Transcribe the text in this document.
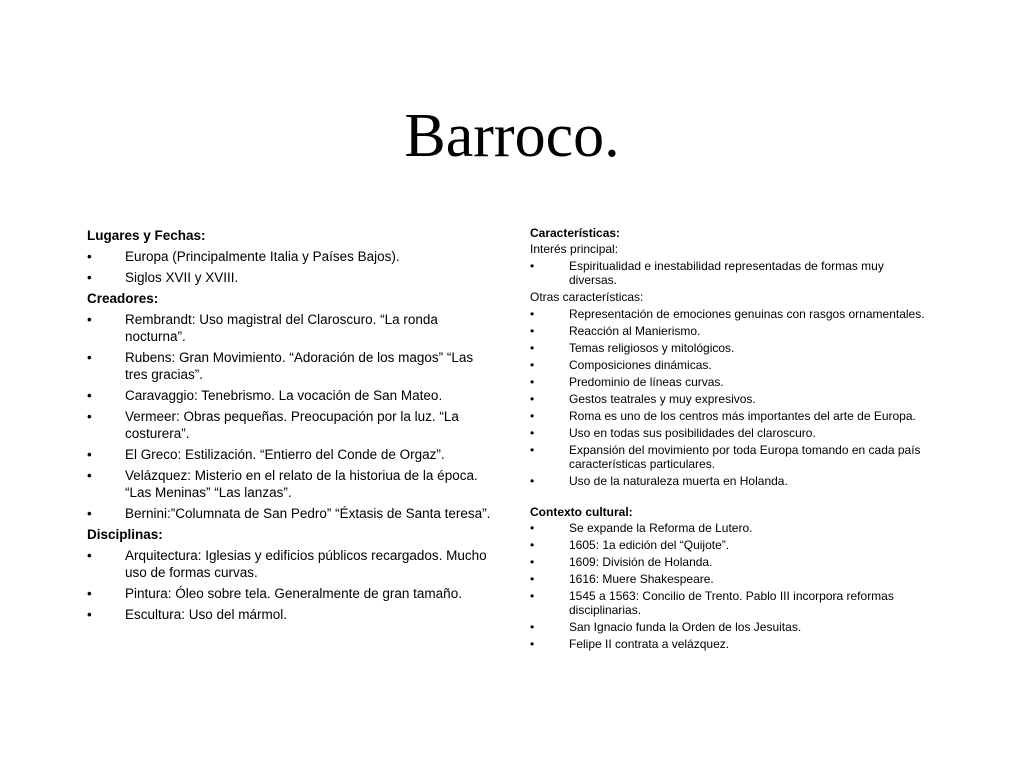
Barroco.

Lugares y Fechas:

• Europa (Principalmente Italia y Países Bajos).
• Siglos XVII y XVIII.

Creadores:

• Rembrandt: Uso magistral del Claroscuro. “La ronda nocturna”.
• Rubens: Gran Movimiento. “Adoración de los magos” “Las tres gracias”.
• Caravaggio: Tenebrismo. La vocación de San Mateo.
• Vermeer: Obras pequeñas. Preocupación por la luz. “La costurera”.
• El Greco: Estilización. “Entierro del Conde de Orgaz”.
• Velázquez: Misterio en el relato de la historiua de la época. “Las Meninas” “Las lanzas”.
• Bernini:”Columnata de San Pedro” “Éxtasis de Santa teresa”.

Disciplinas:

• Arquitectura: Iglesias y edificios públicos recargados. Mucho uso de formas curvas.
• Pintura: Óleo sobre tela. Generalmente de gran tamaño.
• Escultura: Uso del mármol.

Características:

Interés principal:

•	Espiritualidad e inestabilidad representadas de formas muy diversas.

Otras características:

•	Representación de emociones genuinas con rasgos ornamentales.
•	Reacción al Manierismo.
•	Temas religiosos y mitológicos.
•	Composiciones dinámicas.
•	Predominio de líneas curvas.
•	Gestos teatrales y muy expresivos.
•	Roma es uno de los centros más importantes del arte de Europa.
•	Uso en todas sus posibilidades del claroscuro.
•	Expansión del movimiento por toda Europa tomando en cada país características particulares.
•	Uso de la naturaleza muerta en Holanda.

Contexto cultural:

•	Se expande la Reforma de Lutero.
•	1605: 1a edición del “Quijote”.
•	1609: División de Holanda.
•	1616: Muere Shakespeare.
•	1545 a 1563: Concilio de Trento. Pablo III incorpora reformas disciplinarias.
•	San Ignacio funda la Orden de los Jesuitas.
•	Felipe II contrata a velázquez.
